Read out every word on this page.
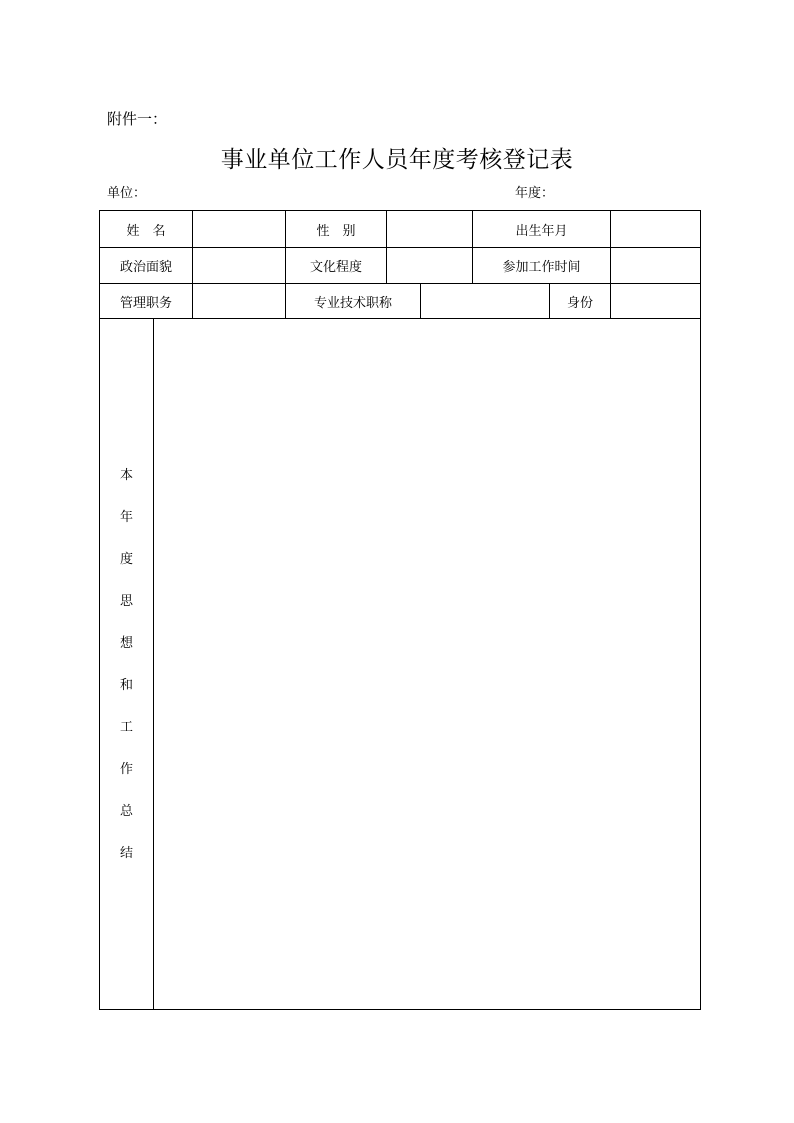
附件一：
事业单位工作人员年度考核登记表
单位：	年度：
姓　名	性　别	出生年月
政治面貌	文化程度	参加工作时间
管理职务	专业技术职称	身份
本
年
度
思
想
和
工
作
总
结
